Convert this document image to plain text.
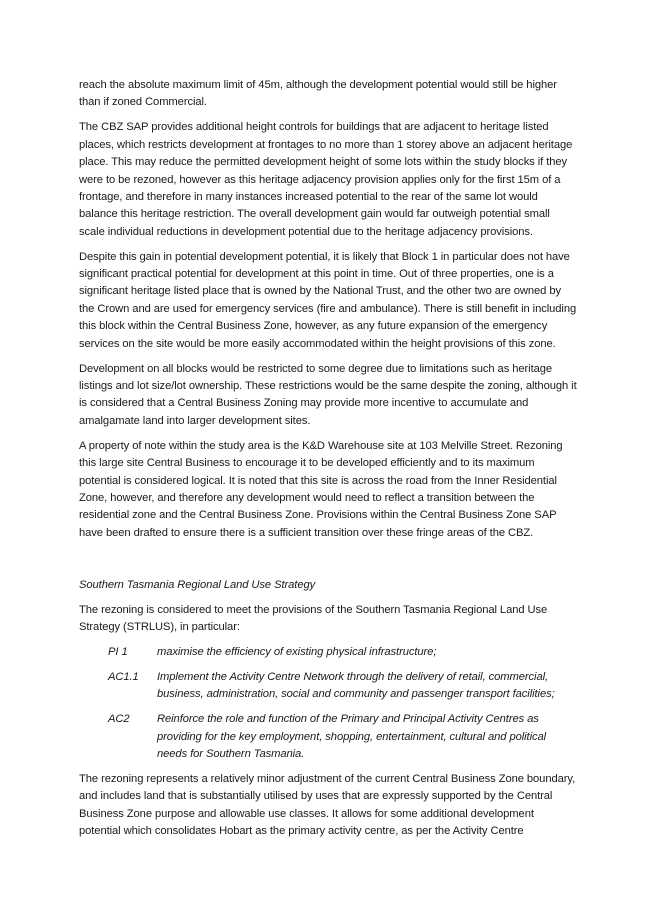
reach the absolute maximum limit of 45m, although the development potential would still be higher than if zoned Commercial.

The CBZ SAP provides additional height controls for buildings that are adjacent to heritage listed places, which restricts development at frontages to no more than 1 storey above an adjacent heritage place. This may reduce the permitted development height of some lots within the study blocks if they were to be rezoned, however as this heritage adjacency provision applies only for the first 15m of a frontage, and therefore in many instances increased potential to the rear of the same lot would balance this heritage restriction. The overall development gain would far outweigh potential small scale individual reductions in development potential due to the heritage adjacency provisions.

Despite this gain in potential development potential, it is likely that Block 1 in particular does not have significant practical potential for development at this point in time. Out of three properties, one is a significant heritage listed place that is owned by the National Trust, and the other two are owned by the Crown and are used for emergency services (fire and ambulance). There is still benefit in including this block within the Central Business Zone, however, as any future expansion of the emergency services on the site would be more easily accommodated within the height provisions of this zone.

Development on all blocks would be restricted to some degree due to limitations such as heritage listings and lot size/lot ownership. These restrictions would be the same despite the zoning, although it is considered that a Central Business Zoning may provide more incentive to accumulate and amalgamate land into larger development sites.

A property of note within the study area is the K&D Warehouse site at 103 Melville Street. Rezoning this large site Central Business to encourage it to be developed efficiently and to its maximum potential is considered logical. It is noted that this site is across the road from the Inner Residential Zone, however, and therefore any development would need to reflect a transition between the residential zone and the Central Business Zone. Provisions within the Central Business Zone SAP have been drafted to ensure there is a sufficient transition over these fringe areas of the CBZ.

Southern Tasmania Regional Land Use Strategy

The rezoning is considered to meet the provisions of the Southern Tasmania Regional Land Use Strategy (STRLUS), in particular:

PI 1	maximise the efficiency of existing physical infrastructure;
AC1.1	Implement the Activity Centre Network through the delivery of retail, commercial, business, administration, social and community and passenger transport facilities;
AC2	Reinforce the role and function of the Primary and Principal Activity Centres as providing for the key employment, shopping, entertainment, cultural and political needs for Southern Tasmania.

The rezoning represents a relatively minor adjustment of the current Central Business Zone boundary, and includes land that is substantially utilised by uses that are expressly supported by the Central Business Zone purpose and allowable use classes. It allows for some additional development potential which consolidates Hobart as the primary activity centre, as per the Activity Centre
